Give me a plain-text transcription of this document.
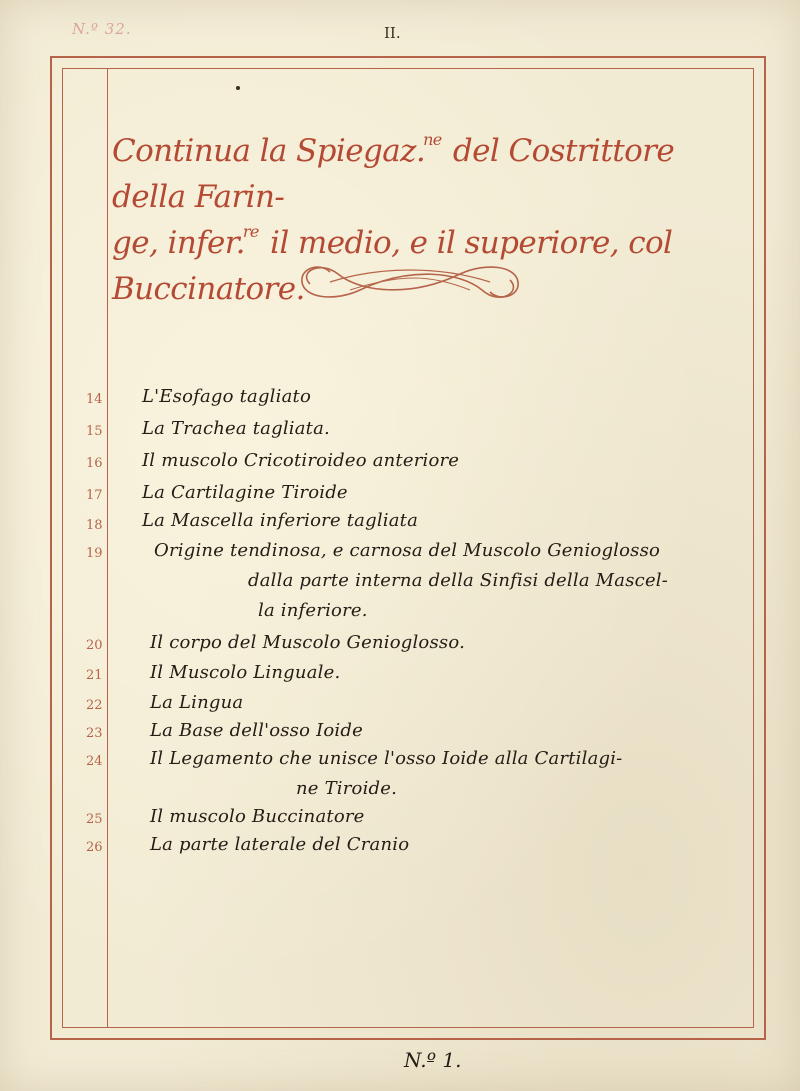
N.º 32.	II.
Continua la Spiegaz.$^{ne}$ del Costrittore della Farin-
ge, infer.$^{re}$ il medio, e il superiore, col Buccinatore.
14	L'Esofago tagliato
15	La Trachea tagliata.
16	Il muscolo Cricotiroideo anteriore
17	La Cartilagine Tiroide
18	La Mascella inferiore tagliata
19	Origine tendinosa, e carnosa del Muscolo Genioglosso
dalla parte interna della Sinfisi della Mascel-
la inferiore.
20	Il corpo del Muscolo Genioglosso.
21	Il Muscolo Linguale.
22	La Lingua
23	La Base dell'osso Ioide
24	Il Legamento che unisce l'osso Ioide alla Cartilagi-
ne Tiroide.
25	Il muscolo Buccinatore
26	La parte laterale del Cranio
N.º 1.
